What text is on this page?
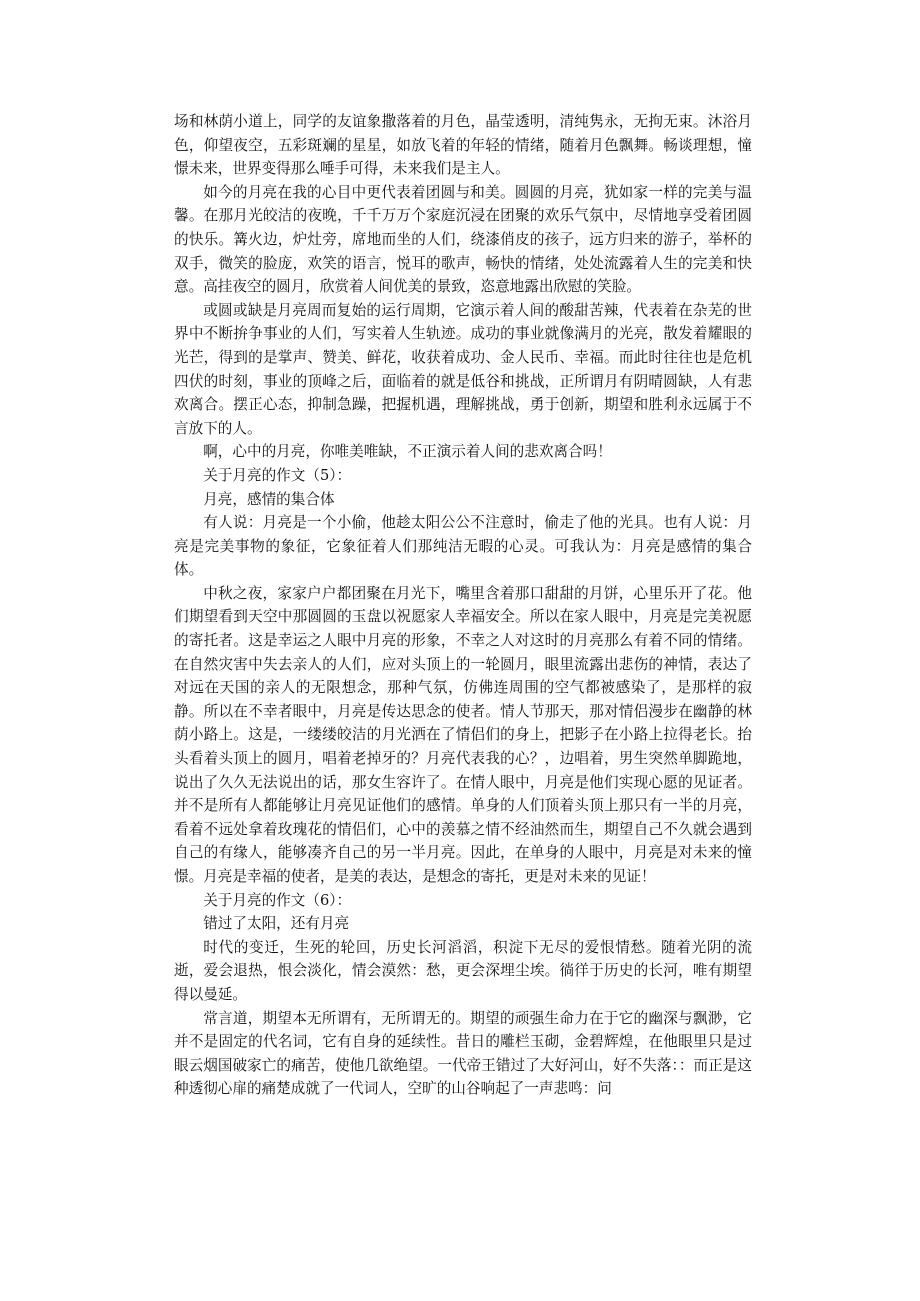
场和林荫小道上，同学的友谊象撒落着的月色，晶莹透明，清纯隽永，无拘无束。沐浴月色，仰望夜空，五彩斑斓的星星，如放飞着的年轻的情绪，随着月色飘舞。畅谈理想，憧憬未来，世界变得那么唾手可得，未来我们是主人。

如今的月亮在我的心目中更代表着团圆与和美。圆圆的月亮，犹如家一样的完美与温馨。在那月光皎洁的夜晚，千千万万个家庭沉浸在团聚的欢乐气氛中，尽情地享受着团圆的快乐。篝火边，炉灶旁，席地而坐的人们，绕漆俏皮的孩子，远方归来的游子，举杯的双手，微笑的脸庞，欢笑的语言，悦耳的歌声，畅快的情绪，处处流露着人生的完美和快意。高挂夜空的圆月，欣赏着人间优美的景致，恣意地露出欣慰的笑脸。

或圆或缺是月亮周而复始的运行周期，它演示着人间的酸甜苦辣，代表着在杂芜的世界中不断拚争事业的人们，写实着人生轨迹。成功的事业就像满月的光亮，散发着耀眼的光芒，得到的是掌声、赞美、鲜花，收获着成功、金人民币、幸福。而此时往往也是危机四伏的时刻，事业的顶峰之后，面临着的就是低谷和挑战，正所谓月有阴晴圆缺，人有悲欢离合。摆正心态，抑制急躁，把握机遇，理解挑战，勇于创新，期望和胜利永远属于不言放下的人。

啊，心中的月亮，你唯美唯缺，不正演示着人间的悲欢离合吗！

关于月亮的作文（5）：

月亮，感情的集合体

有人说：月亮是一个小偷，他趁太阳公公不注意时，偷走了他的光具。也有人说：月亮是完美事物的象征，它象征着人们那纯洁无暇的心灵。可我认为：月亮是感情的集合体。

中秋之夜，家家户户都团聚在月光下，嘴里含着那口甜甜的月饼，心里乐开了花。他们期望看到天空中那圆圆的玉盘以祝愿家人幸福安全。所以在家人眼中，月亮是完美祝愿的寄托者。这是幸运之人眼中月亮的形象，不幸之人对这时的月亮那么有着不同的情绪。在自然灾害中失去亲人的人们，应对头顶上的一轮圆月，眼里流露出悲伤的神情，表达了对远在天国的亲人的无限想念，那种气氛，仿佛连周围的空气都被感染了，是那样的寂静。所以在不幸者眼中，月亮是传达思念的使者。情人节那天，那对情侣漫步在幽静的林荫小路上。这是，一缕缕皎洁的月光洒在了情侣们的身上，把影子在小路上拉得老长。抬头看着头顶上的圆月，唱着老掉牙的？月亮代表我的心？，边唱着，男生突然单脚跪地，说出了久久无法说出的话，那女生容许了。在情人眼中，月亮是他们实现心愿的见证者。并不是所有人都能够让月亮见证他们的感情。单身的人们顶着头顶上那只有一半的月亮，看着不远处拿着玫瑰花的情侣们，心中的羡慕之情不经油然而生，期望自己不久就会遇到自己的有缘人，能够凑齐自己的另一半月亮。因此，在单身的人眼中，月亮是对未来的憧憬。月亮是幸福的使者，是美的表达，是想念的寄托，更是对未来的见证！

关于月亮的作文（6）：

错过了太阳，还有月亮

时代的变迁，生死的轮回，历史长河滔滔，积淀下无尽的爱恨情愁。随着光阴的流逝，爱会退热，恨会淡化，情会漠然：愁，更会深埋尘埃。徜徉于历史的长河，唯有期望得以曼延。

常言道，期望本无所谓有，无所谓无的。期望的顽强生命力在于它的幽深与飘渺，它并不是固定的代名词，它有自身的延续性。昔日的雕栏玉砌，金碧辉煌，在他眼里只是过眼云烟国破家亡的痛苦，使他几欲绝望。一代帝王错过了大好河山，好不失落：：而正是这种透彻心扉的痛楚成就了一代词人，空旷的山谷响起了一声悲鸣：问
